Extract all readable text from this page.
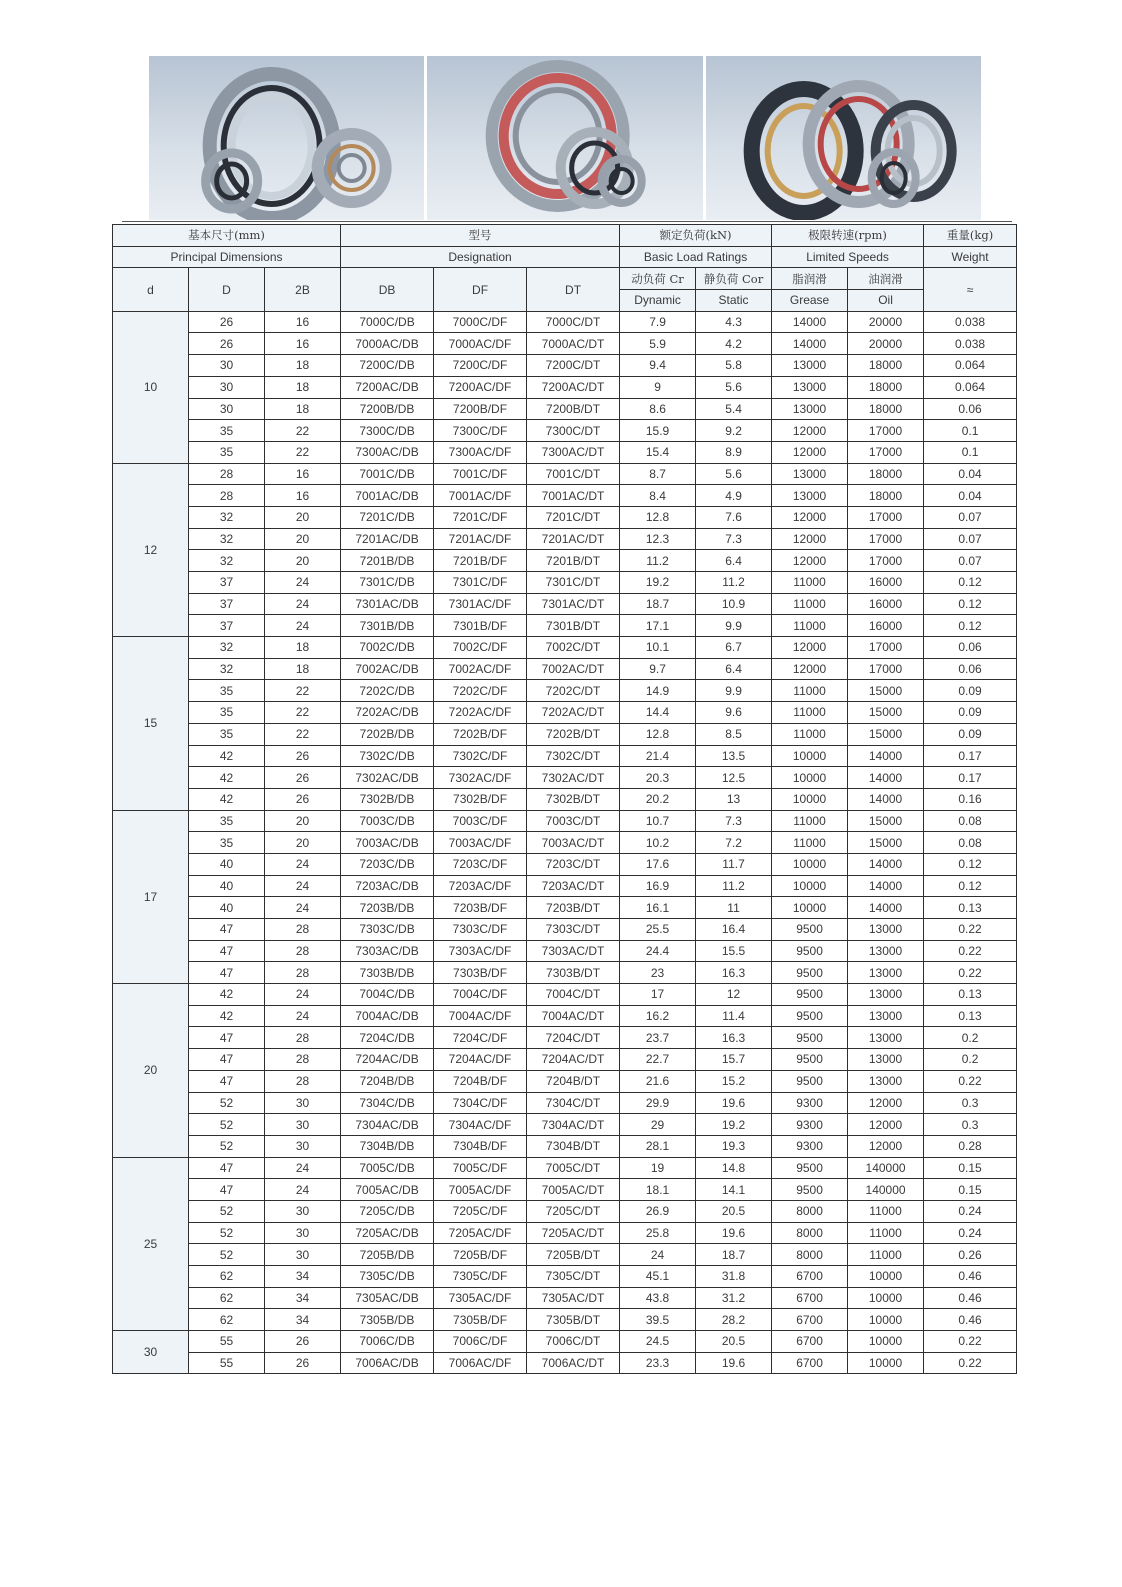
基本尺寸(mm)			型号			额定负荷(kN)		极限转速(rpm)		重量(kg)
Principal Dimensions			Designation			Basic Load Ratings		Limited Speeds		Weight
d	D	2B	DB	DF	DT	动负荷 Cr	静负荷 Cor	脂润滑	油润滑	≈
						Dynamic	Static	Grease	Oil	
10	26	16	7000C/DB	7000C/DF	7000C/DT	7.9	4.3	14000	20000	0.038
	26	16	7000AC/DB	7000AC/DF	7000AC/DT	5.9	4.2	14000	20000	0.038
	30	18	7200C/DB	7200C/DF	7200C/DT	9.4	5.8	13000	18000	0.064
	30	18	7200AC/DB	7200AC/DF	7200AC/DT	9	5.6	13000	18000	0.064
	30	18	7200B/DB	7200B/DF	7200B/DT	8.6	5.4	13000	18000	0.06
	35	22	7300C/DB	7300C/DF	7300C/DT	15.9	9.2	12000	17000	0.1
	35	22	7300AC/DB	7300AC/DF	7300AC/DT	15.4	8.9	12000	17000	0.1
12	28	16	7001C/DB	7001C/DF	7001C/DT	8.7	5.6	13000	18000	0.04
	28	16	7001AC/DB	7001AC/DF	7001AC/DT	8.4	4.9	13000	18000	0.04
	32	20	7201C/DB	7201C/DF	7201C/DT	12.8	7.6	12000	17000	0.07
	32	20	7201AC/DB	7201AC/DF	7201AC/DT	12.3	7.3	12000	17000	0.07
	32	20	7201B/DB	7201B/DF	7201B/DT	11.2	6.4	12000	17000	0.07
	37	24	7301C/DB	7301C/DF	7301C/DT	19.2	11.2	11000	16000	0.12
	37	24	7301AC/DB	7301AC/DF	7301AC/DT	18.7	10.9	11000	16000	0.12
	37	24	7301B/DB	7301B/DF	7301B/DT	17.1	9.9	11000	16000	0.12
15	32	18	7002C/DB	7002C/DF	7002C/DT	10.1	6.7	12000	17000	0.06
	32	18	7002AC/DB	7002AC/DF	7002AC/DT	9.7	6.4	12000	17000	0.06
	35	22	7202C/DB	7202C/DF	7202C/DT	14.9	9.9	11000	15000	0.09
	35	22	7202AC/DB	7202AC/DF	7202AC/DT	14.4	9.6	11000	15000	0.09
	35	22	7202B/DB	7202B/DF	7202B/DT	12.8	8.5	11000	15000	0.09
	42	26	7302C/DB	7302C/DF	7302C/DT	21.4	13.5	10000	14000	0.17
	42	26	7302AC/DB	7302AC/DF	7302AC/DT	20.3	12.5	10000	14000	0.17
	42	26	7302B/DB	7302B/DF	7302B/DT	20.2	13	10000	14000	0.16
17	35	20	7003C/DB	7003C/DF	7003C/DT	10.7	7.3	11000	15000	0.08
	35	20	7003AC/DB	7003AC/DF	7003AC/DT	10.2	7.2	11000	15000	0.08
	40	24	7203C/DB	7203C/DF	7203C/DT	17.6	11.7	10000	14000	0.12
	40	24	7203AC/DB	7203AC/DF	7203AC/DT	16.9	11.2	10000	14000	0.12
	40	24	7203B/DB	7203B/DF	7203B/DT	16.1	11	10000	14000	0.13
	47	28	7303C/DB	7303C/DF	7303C/DT	25.5	16.4	9500	13000	0.22
	47	28	7303AC/DB	7303AC/DF	7303AC/DT	24.4	15.5	9500	13000	0.22
	47	28	7303B/DB	7303B/DF	7303B/DT	23	16.3	9500	13000	0.22
20	42	24	7004C/DB	7004C/DF	7004C/DT	17	12	9500	13000	0.13
	42	24	7004AC/DB	7004AC/DF	7004AC/DT	16.2	11.4	9500	13000	0.13
	47	28	7204C/DB	7204C/DF	7204C/DT	23.7	16.3	9500	13000	0.2
	47	28	7204AC/DB	7204AC/DF	7204AC/DT	22.7	15.7	9500	13000	0.2
	47	28	7204B/DB	7204B/DF	7204B/DT	21.6	15.2	9500	13000	0.22
	52	30	7304C/DB	7304C/DF	7304C/DT	29.9	19.6	9300	12000	0.3
	52	30	7304AC/DB	7304AC/DF	7304AC/DT	29	19.2	9300	12000	0.3
	52	30	7304B/DB	7304B/DF	7304B/DT	28.1	19.3	9300	12000	0.28
25	47	24	7005C/DB	7005C/DF	7005C/DT	19	14.8	9500	140000	0.15
	47	24	7005AC/DB	7005AC/DF	7005AC/DT	18.1	14.1	9500	140000	0.15
	52	30	7205C/DB	7205C/DF	7205C/DT	26.9	20.5	8000	11000	0.24
	52	30	7205AC/DB	7205AC/DF	7205AC/DT	25.8	19.6	8000	11000	0.24
	52	30	7205B/DB	7205B/DF	7205B/DT	24	18.7	8000	11000	0.26
	62	34	7305C/DB	7305C/DF	7305C/DT	45.1	31.8	6700	10000	0.46
	62	34	7305AC/DB	7305AC/DF	7305AC/DT	43.8	31.2	6700	10000	0.46
	62	34	7305B/DB	7305B/DF	7305B/DT	39.5	28.2	6700	10000	0.46
30	55	26	7006C/DB	7006C/DF	7006C/DT	24.5	20.5	6700	10000	0.22
	55	26	7006AC/DB	7006AC/DF	7006AC/DT	23.3	19.6	6700	10000	0.22
